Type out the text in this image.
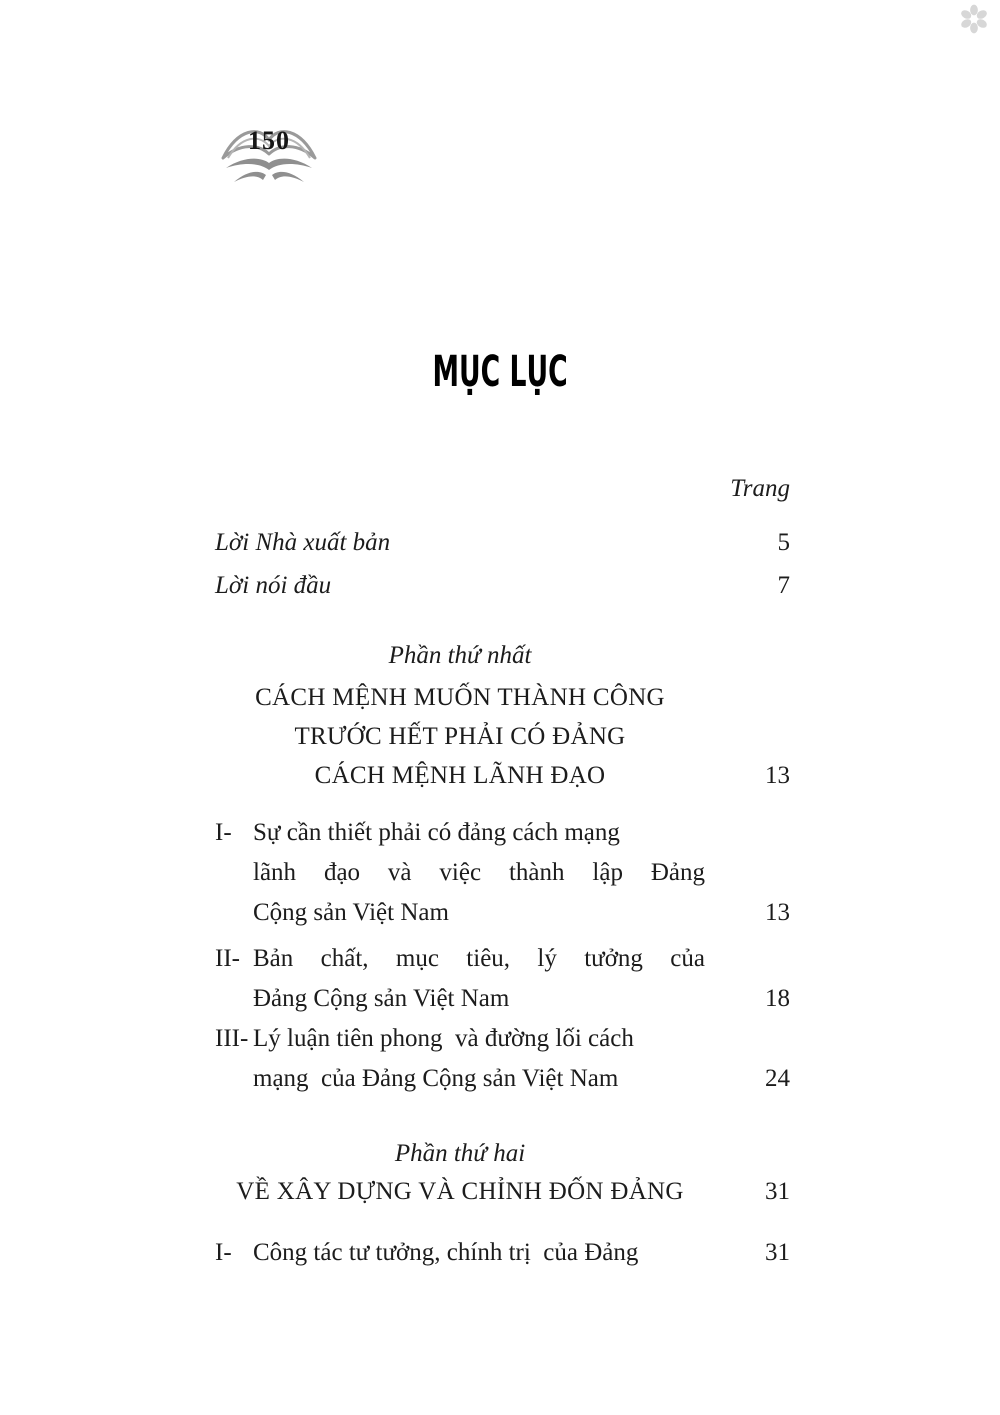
150
MỤC LỤC
Trang
Lời Nhà xuất bản	5
Lời nói đầu	7
Phần thứ nhất
CÁCH MỆNH MUỐN THÀNH CÔNG
TRƯỚC HẾT PHẢI CÓ ĐẢNG
CÁCH MỆNH LÃNH ĐẠO	13
I- Sự cần thiết phải có đảng cách mạng
lãnh đạo và việc thành lập Đảng
Cộng sản Việt Nam	13
II- Bản chất, mục tiêu, lý tưởng của
Đảng Cộng sản Việt Nam	18
III- Lý luận tiên phong  và đường lối cách
mạng  của Đảng Cộng sản Việt Nam	24
Phần thứ hai
VỀ XÂY DỰNG VÀ CHỈNH ĐỐN ĐẢNG	31
I- Công tác tư tưởng, chính trị  của Đảng	31
